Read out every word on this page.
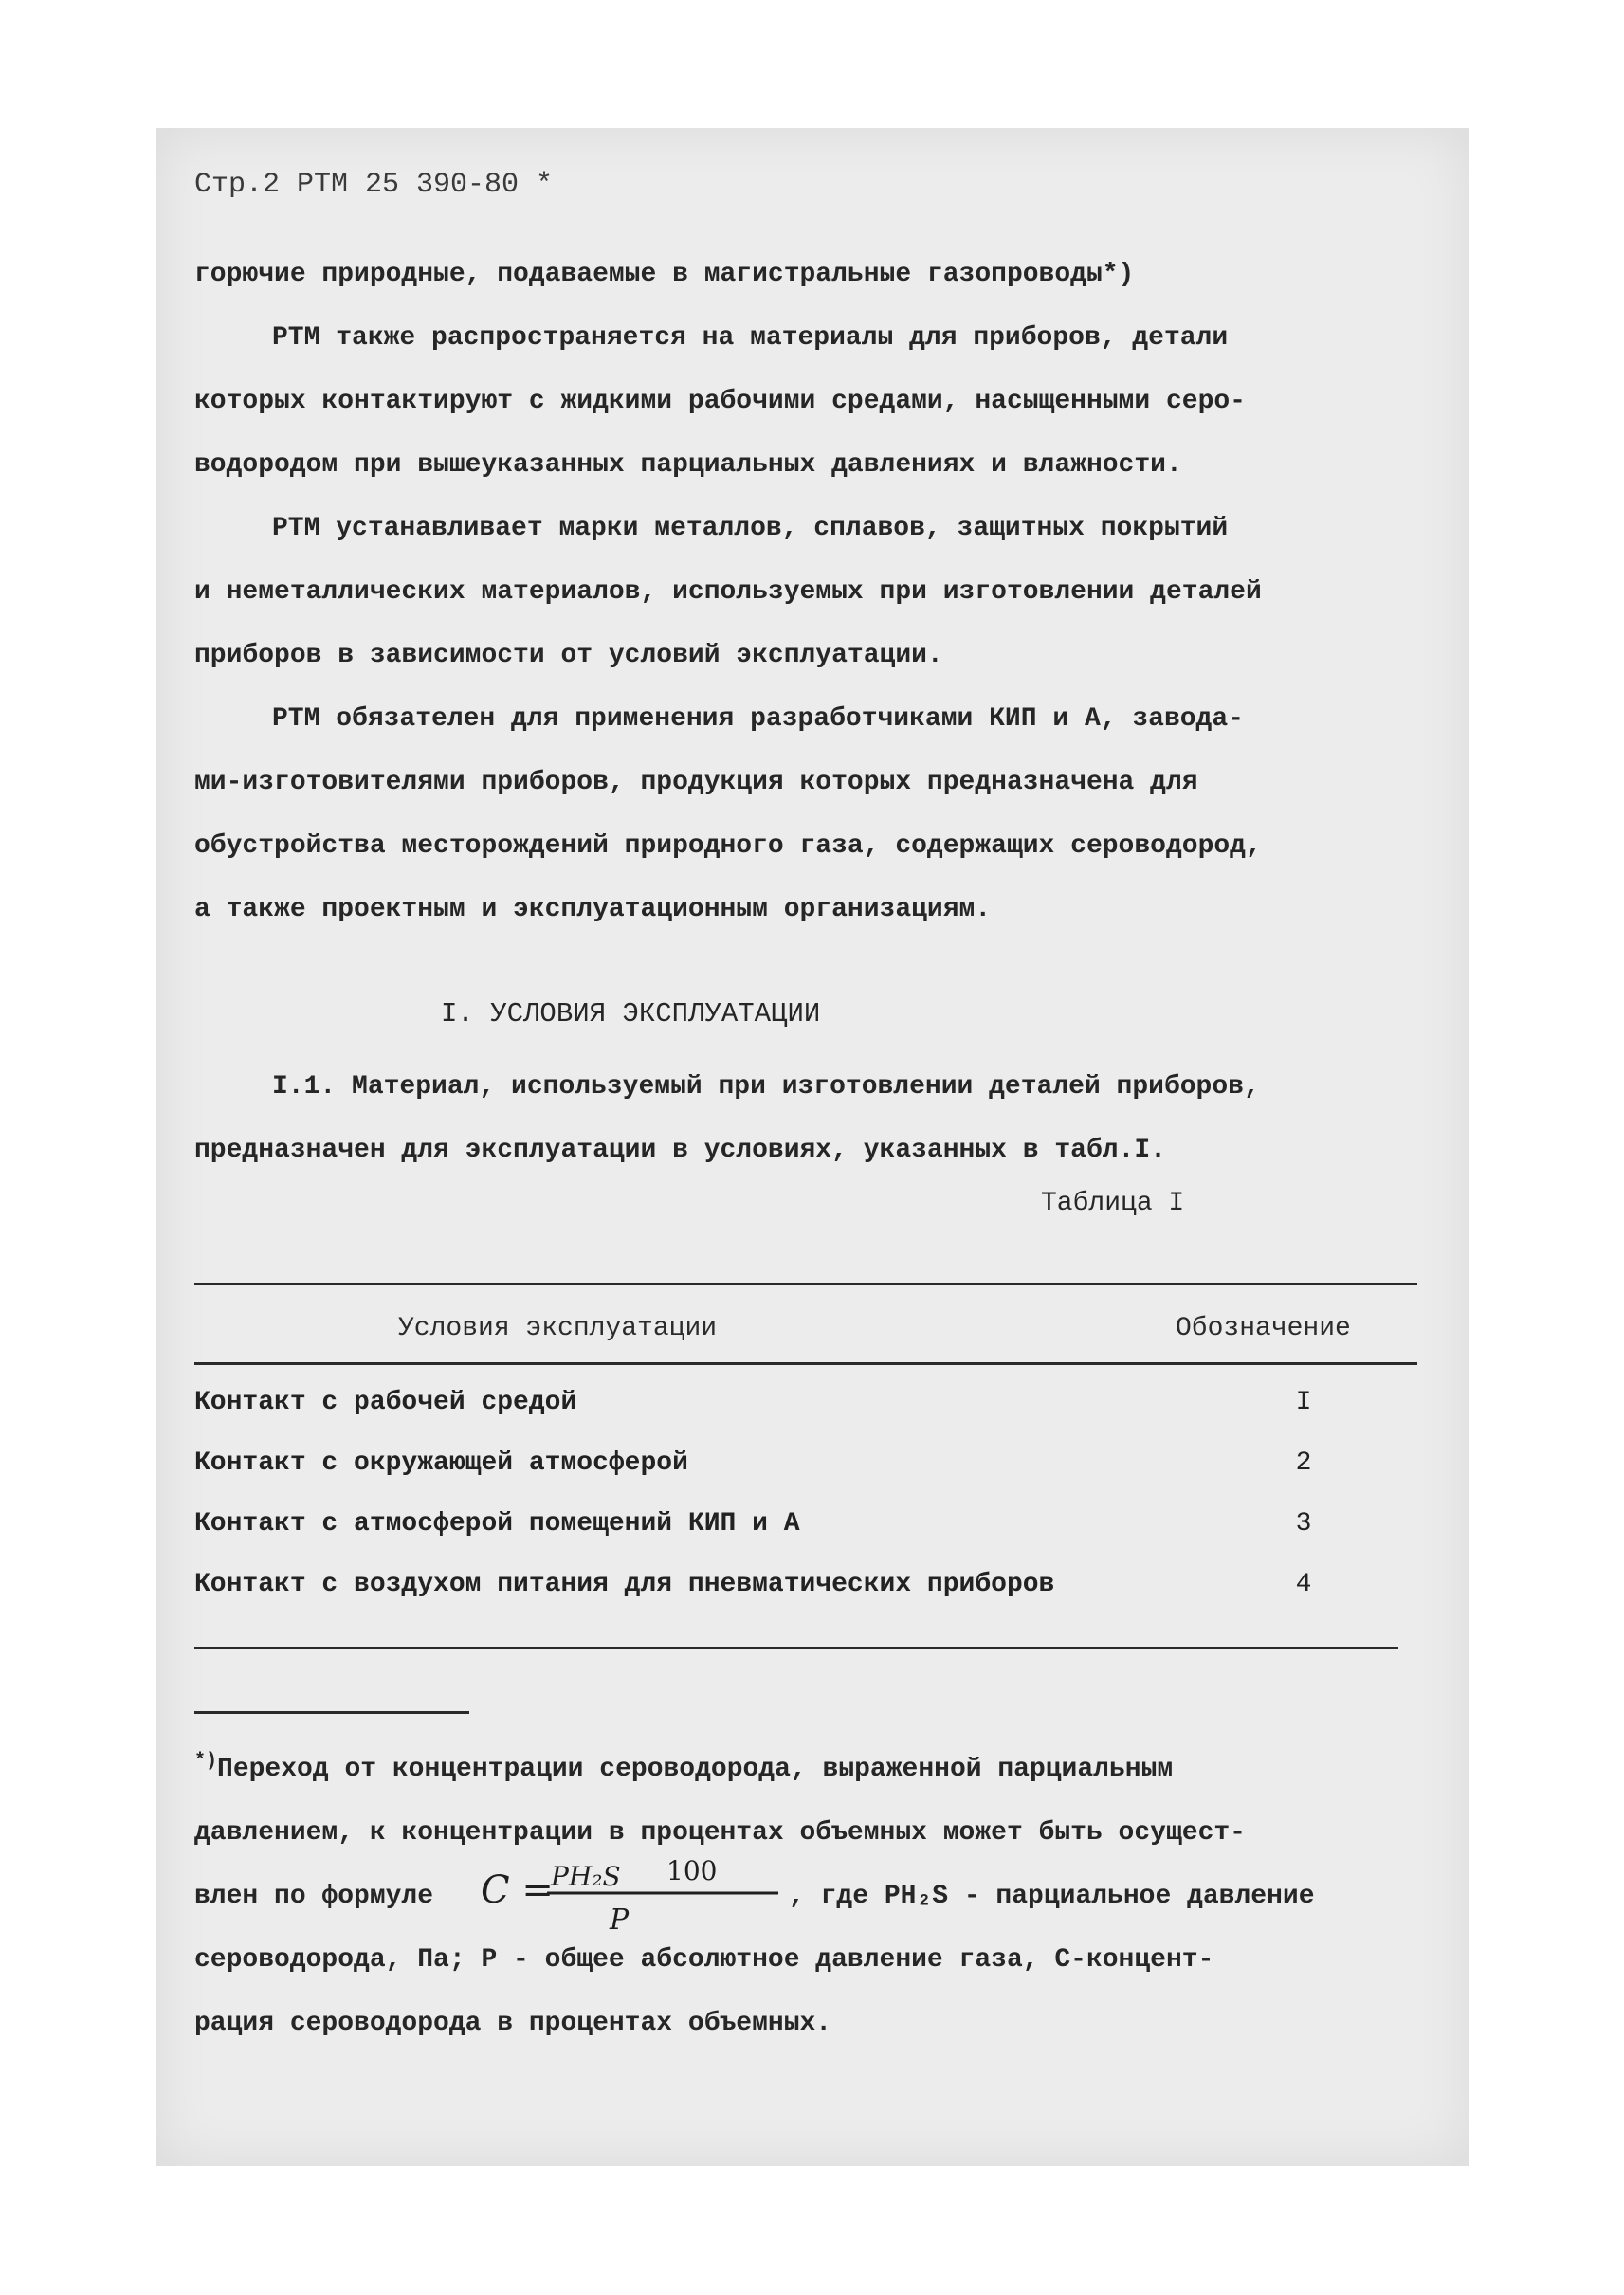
Стр.2 РТМ 25 390-80 *
горючие природные, подаваемые в магистральные газопроводы*)
РТМ также распространяется на материалы для приборов, детали
которых контактируют с жидкими рабочими средами, насыщенными серо-
водородом при вышеуказанных парциальных давлениях и влажности.
РТМ устанавливает марки металлов, сплавов, защитных покрытий
и неметаллических материалов, используемых при изготовлении деталей
приборов в зависимости от условий эксплуатации.
РТМ обязателен для применения разработчиками КИП и А, завода-
ми-изготовителями приборов, продукция которых предназначена для
обустройства месторождений природного газа, содержащих сероводород,
а также проектным и эксплуатационным организациям.
I. УСЛОВИЯ ЭКСПЛУАТАЦИИ
I.1. Материал, используемый при изготовлении деталей приборов,
предназначен для эксплуатации в условиях, указанных в табл.I.
Таблица I
Условия эксплуатации	Обозначение
Контакт с рабочей средой	I
Контакт с окружающей атмосферой	2
Контакт с атмосферой помещений КИП и А	3
Контакт с воздухом питания для пневматических приборов	4
*)Переход от концентрации сероводорода, выраженной парциальным
давлением, к концентрации в процентах объемных может быть осущест-
влен по формуле C =
PH₂S 100
P
, где PH₂S - парциальное давление
сероводорода, Па; P - общее абсолютное давление газа, C-концент-
рация сероводорода в процентах объемных.
